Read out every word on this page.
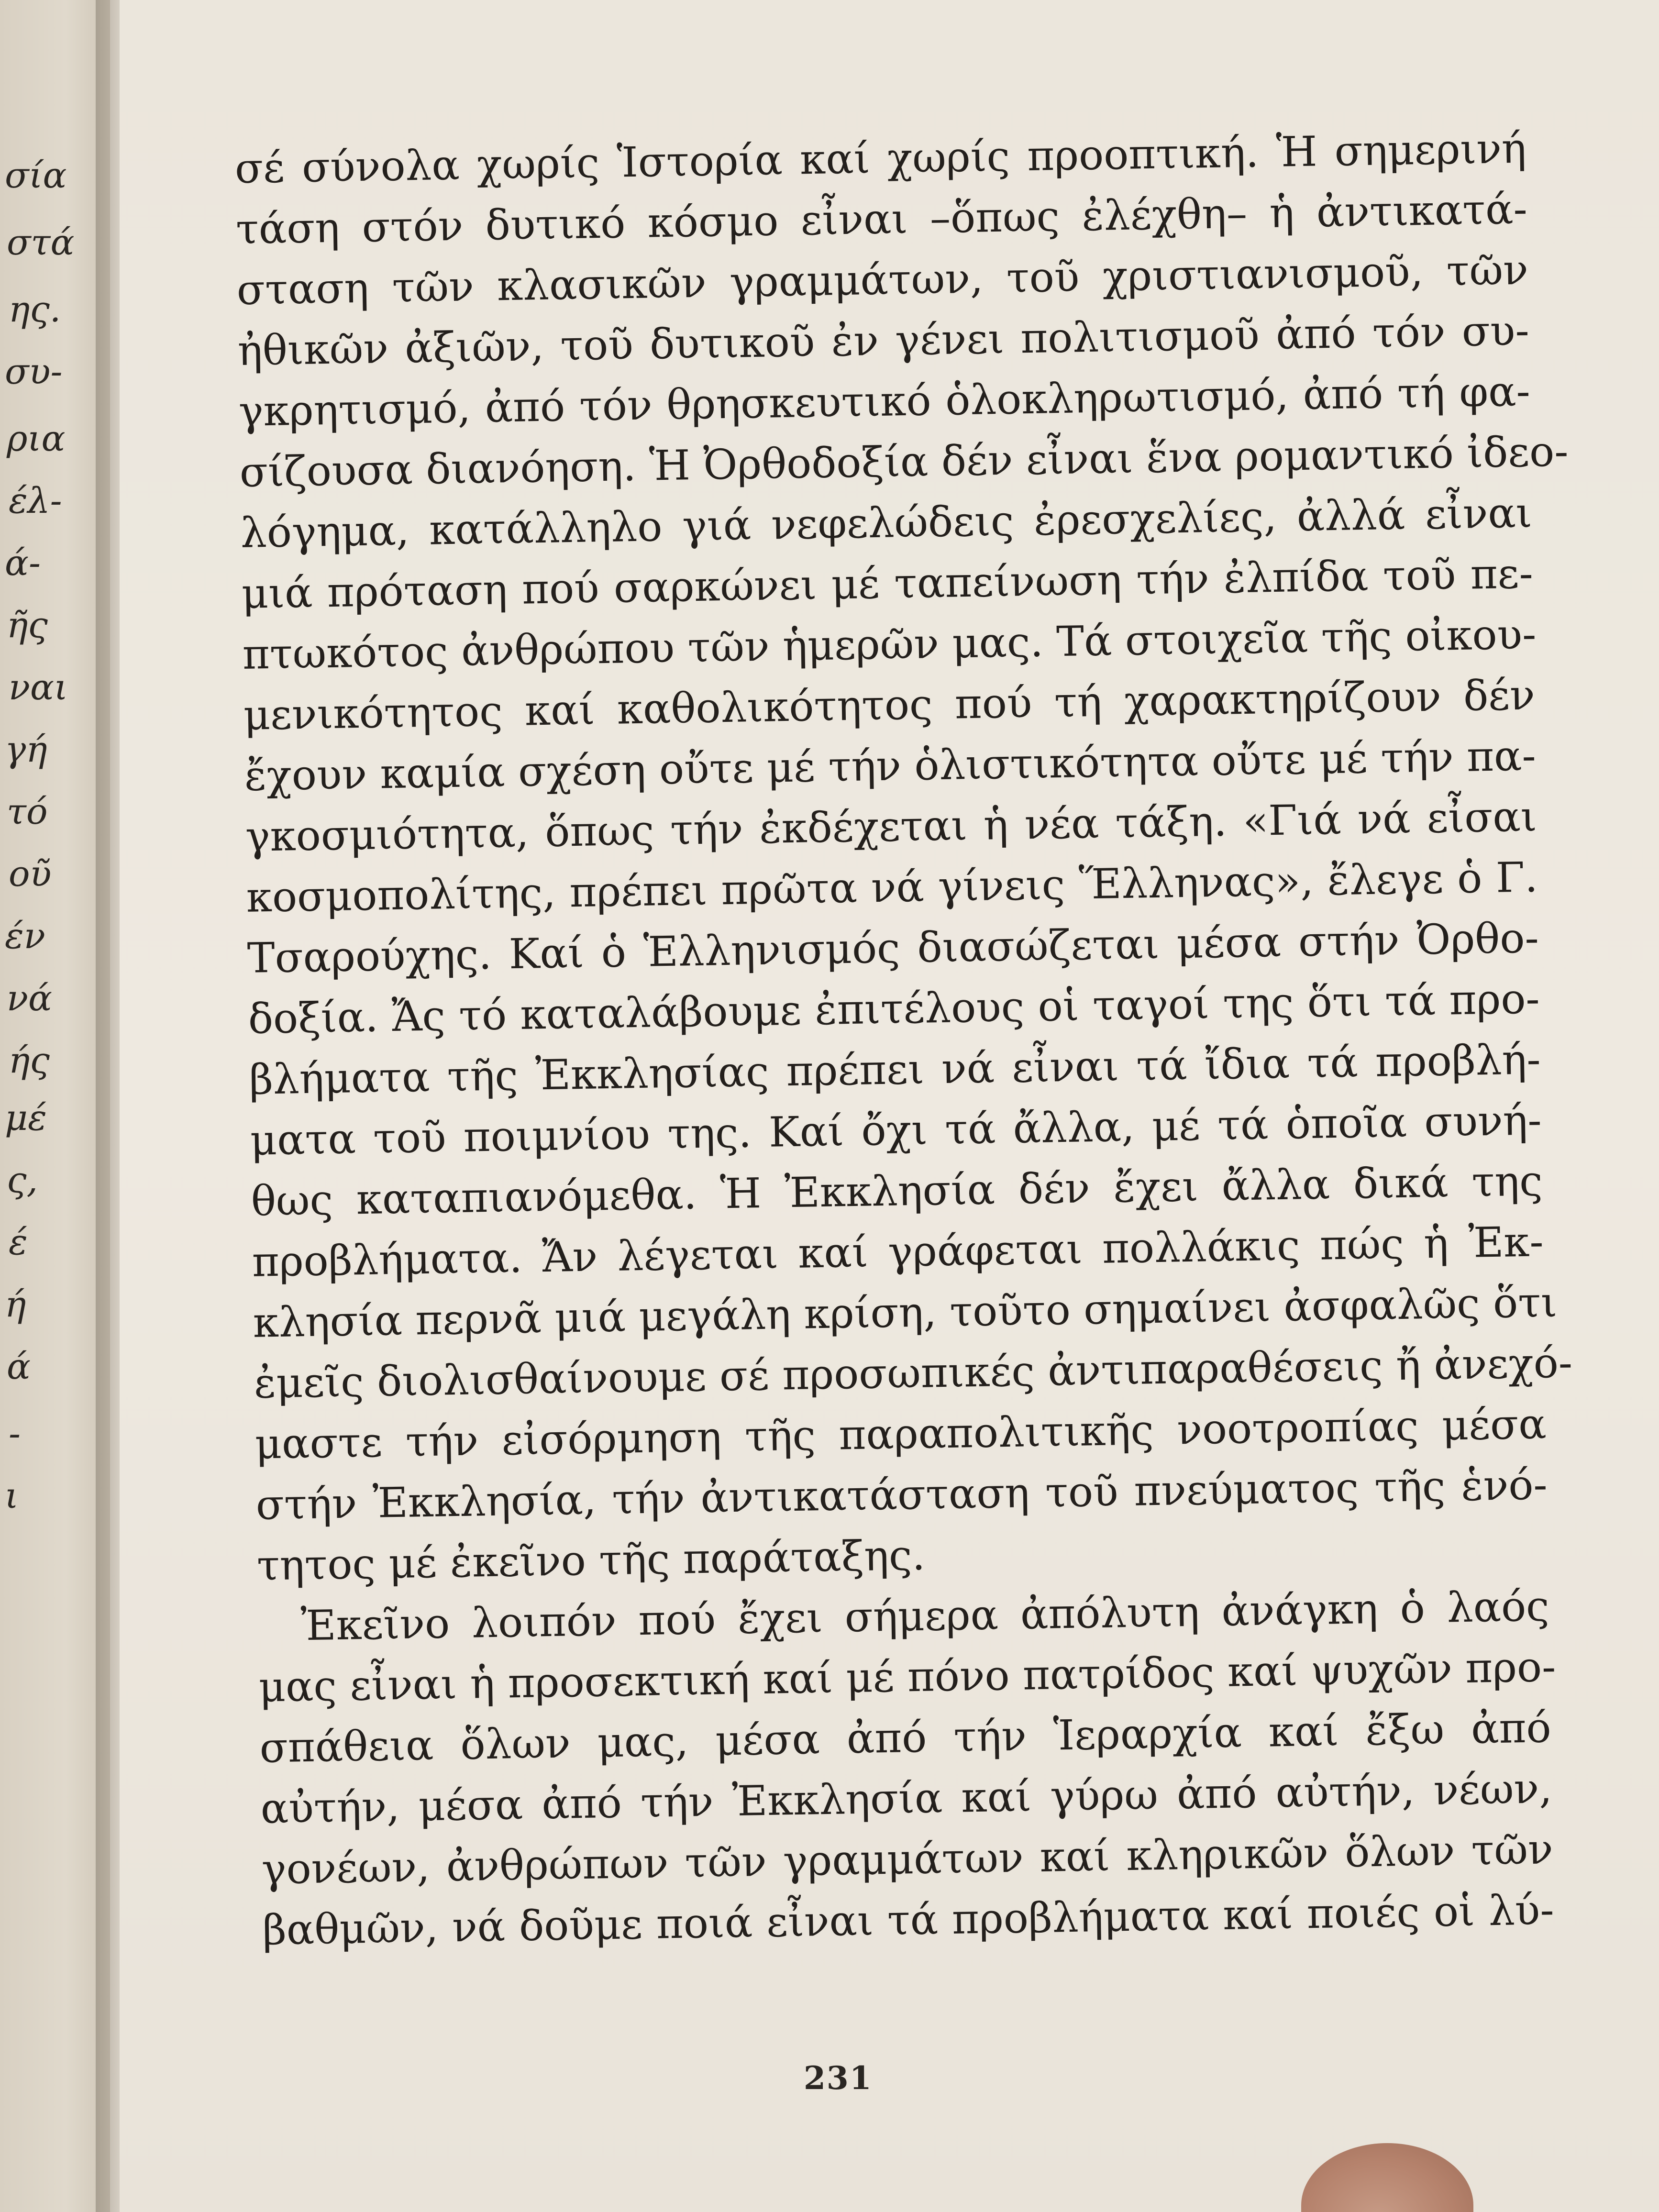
σία
στά
ης.
συ-
ρια
έλ-
ά-
ῆς
ναι
γή
τό
οῦ
έν
νά
ής
μέ
ς,
έ
ή
ά
-
ι
σέ σύνολα χωρίς Ἱστορία καί χωρίς προοπτική. Ἡ σημερινή
τάση στόν δυτικό κόσμο εἶναι –ὅπως ἐλέχθη– ἡ ἀντικατά-
σταση τῶν κλασικῶν γραμμάτων, τοῦ χριστιανισμοῦ, τῶν
ἠθικῶν ἀξιῶν, τοῦ δυτικοῦ ἐν γένει πολιτισμοῦ ἀπό τόν συ-
γκρητισμό, ἀπό τόν θρησκευτικό ὁλοκληρωτισμό, ἀπό τή φα-
σίζουσα διανόηση. Ἡ Ὀρθοδοξία δέν εἶναι ἕνα ρομαντικό ἰδεο-
λόγημα, κατάλληλο γιά νεφελώδεις ἐρεσχελίες, ἀλλά εἶναι
μιά πρόταση πού σαρκώνει μέ ταπείνωση τήν ἐλπίδα τοῦ πε-
πτωκότος ἀνθρώπου τῶν ἡμερῶν μας. Τά στοιχεῖα τῆς οἰκου-
μενικότητος καί καθολικότητος πού τή χαρακτηρίζουν δέν
ἔχουν καμία σχέση οὔτε μέ τήν ὁλιστικότητα οὔτε μέ τήν πα-
γκοσμιότητα, ὅπως τήν ἐκδέχεται ἡ νέα τάξη. «Γιά νά εἶσαι
κοσμοπολίτης, πρέπει πρῶτα νά γίνεις Ἕλληνας», ἔλεγε ὁ Γ.
Τσαρούχης. Καί ὁ Ἑλληνισμός διασώζεται μέσα στήν Ὀρθο-
δοξία. Ἄς τό καταλάβουμε ἐπιτέλους οἱ ταγοί της ὅτι τά προ-
βλήματα τῆς Ἐκκλησίας πρέπει νά εἶναι τά ἴδια τά προβλή-
ματα τοῦ ποιμνίου της. Καί ὄχι τά ἄλλα, μέ τά ὁποῖα συνή-
θως καταπιανόμεθα. Ἡ Ἐκκλησία δέν ἔχει ἄλλα δικά της
προβλήματα. Ἄν λέγεται καί γράφεται πολλάκις πώς ἡ Ἐκ-
κλησία περνᾶ μιά μεγάλη κρίση, τοῦτο σημαίνει ἀσφαλῶς ὅτι
ἐμεῖς διολισθαίνουμε σέ προσωπικές ἀντιπαραθέσεις ἤ ἀνεχό-
μαστε τήν εἰσόρμηση τῆς παραπολιτικῆς νοοτροπίας μέσα
στήν Ἐκκλησία, τήν ἀντικατάσταση τοῦ πνεύματος τῆς ἑνό-
τητος μέ ἐκεῖνο τῆς παράταξης.
Ἐκεῖνο λοιπόν πού ἔχει σήμερα ἀπόλυτη ἀνάγκη ὁ λαός
μας εἶναι ἡ προσεκτική καί μέ πόνο πατρίδος καί ψυχῶν προ-
σπάθεια ὅλων μας, μέσα ἀπό τήν Ἱεραρχία καί ἔξω ἀπό
αὐτήν, μέσα ἀπό τήν Ἐκκλησία καί γύρω ἀπό αὐτήν, νέων,
γονέων, ἀνθρώπων τῶν γραμμάτων καί κληρικῶν ὅλων τῶν
βαθμῶν, νά δοῦμε ποιά εἶναι τά προβλήματα καί ποιές οἱ λύ-
231
